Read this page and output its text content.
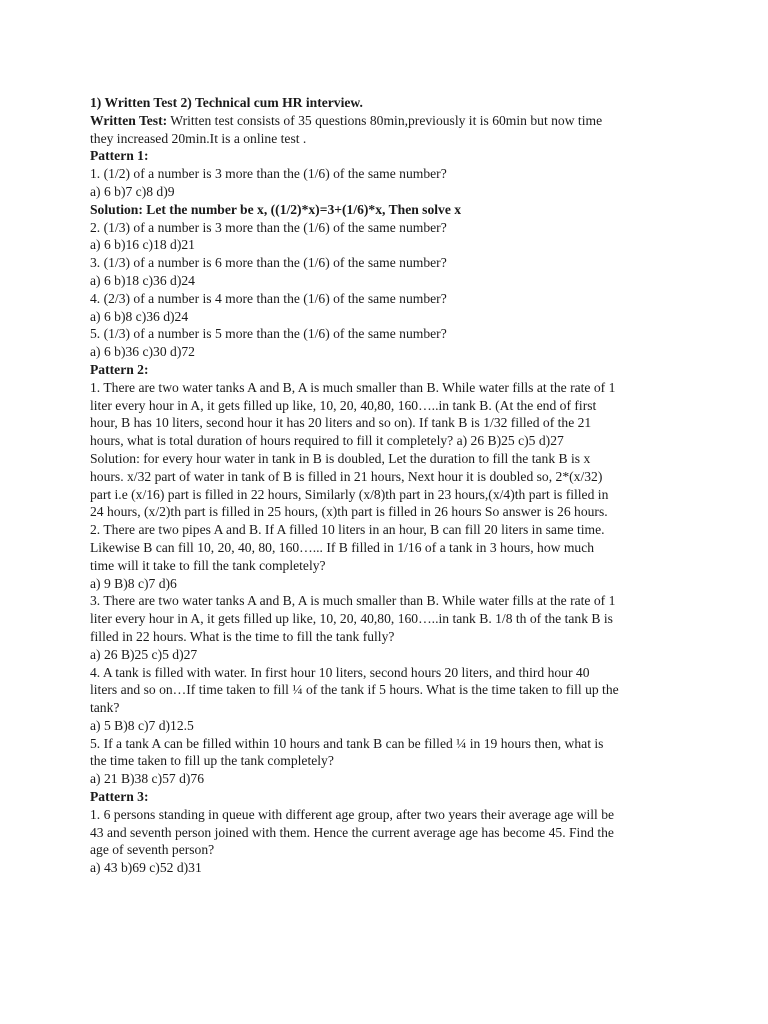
1) Written Test 2) Technical cum HR interview.
Written Test: Written test consists of 35 questions 80min,previously it is 60min but now time
they increased 20min.It is a online test .
Pattern 1:
1. (1/2) of a number is 3 more than the (1/6) of the same number?
a) 6 b)7 c)8 d)9
Solution: Let the number be x, ((1/2)*x)=3+(1/6)*x, Then solve x
2. (1/3) of a number is 3 more than the (1/6) of the same number?
a) 6 b)16 c)18 d)21
3. (1/3) of a number is 6 more than the (1/6) of the same number?
a) 6 b)18 c)36 d)24
4. (2/3) of a number is 4 more than the (1/6) of the same number?
a) 6 b)8 c)36 d)24
5. (1/3) of a number is 5 more than the (1/6) of the same number?
a) 6 b)36 c)30 d)72
Pattern 2:
1. There are two water tanks A and B, A is much smaller than B. While water fills at the rate of 1
liter every hour in A, it gets filled up like, 10, 20, 40,80, 160…..in tank B. (At the end of first
hour, B has 10 liters, second hour it has 20 liters and so on). If tank B is 1/32 filled of the 21
hours, what is total duration of hours required to fill it completely? a) 26 B)25 c)5 d)27
Solution: for every hour water in tank in B is doubled, Let the duration to fill the tank B is x
hours. x/32 part of water in tank of B is filled in 21 hours, Next hour it is doubled so, 2*(x/32)
part i.e (x/16) part is filled in 22 hours, Similarly (x/8)th part in 23 hours,(x/4)th part is filled in
24 hours, (x/2)th part is filled in 25 hours, (x)th part is filled in 26 hours So answer is 26 hours.
2. There are two pipes A and B. If A filled 10 liters in an hour, B can fill 20 liters in same time.
Likewise B can fill 10, 20, 40, 80, 160…... If B filled in 1/16 of a tank in 3 hours, how much
time will it take to fill the tank completely?
a) 9 B)8 c)7 d)6
3. There are two water tanks A and B, A is much smaller than B. While water fills at the rate of 1
liter every hour in A, it gets filled up like, 10, 20, 40,80, 160…..in tank B. 1/8 th of the tank B is
filled in 22 hours. What is the time to fill the tank fully?
a) 26 B)25 c)5 d)27
4. A tank is filled with water. In first hour 10 liters, second hours 20 liters, and third hour 40
liters and so on…If time taken to fill ¼ of the tank if 5 hours. What is the time taken to fill up the
tank?
a) 5 B)8 c)7 d)12.5
5. If a tank A can be filled within 10 hours and tank B can be filled ¼ in 19 hours then, what is
the time taken to fill up the tank completely?
a) 21 B)38 c)57 d)76
Pattern 3:
1. 6 persons standing in queue with different age group, after two years their average age will be
43 and seventh person joined with them. Hence the current average age has become 45. Find the
age of seventh person?
a) 43 b)69 c)52 d)31
